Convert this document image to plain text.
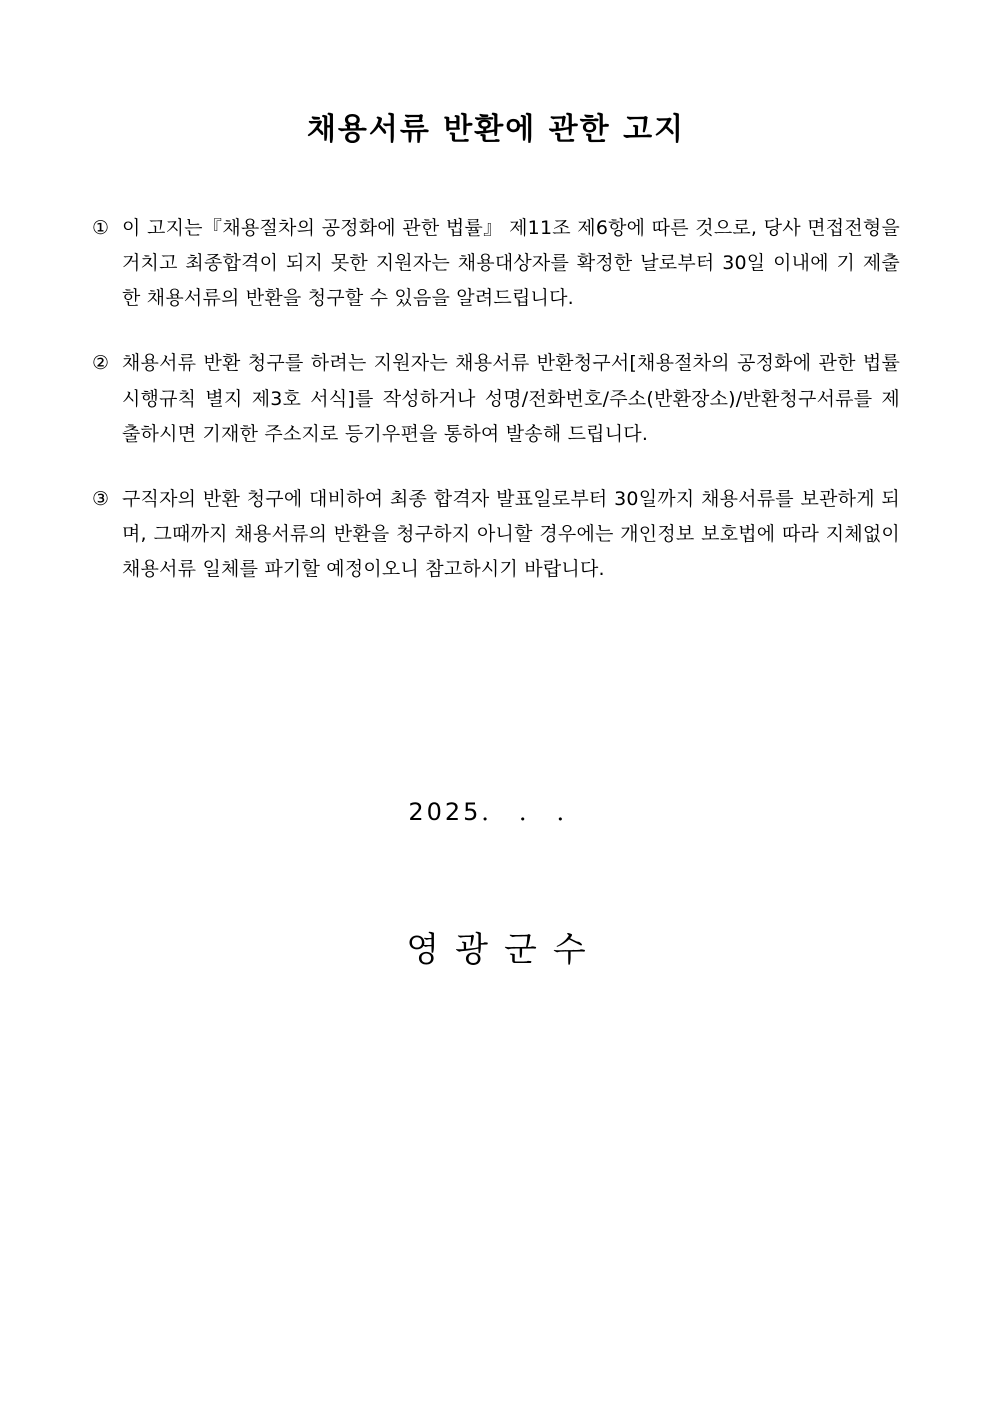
채용서류 반환에 관한 고지
① 이 고지는『채용절차의 공정화에 관한 법률』 제11조 제6항에 따른 것으로, 당사 면접전형을 거치고 최종합격이 되지 못한 지원자는 채용대상자를 확정한 날로부터 30일 이내에 기 제출한 채용서류의 반환을 청구할 수 있음을 알려드립니다.
② 채용서류 반환 청구를 하려는 지원자는 채용서류 반환청구서[채용절차의 공정화에 관한 법률 시행규칙 별지 제3호 서식]를 작성하거나 성명/전화번호/주소(반환장소)/반환청구서류를 제출하시면 기재한 주소지로 등기우편을 통하여 발송해 드립니다.
③ 구직자의 반환 청구에 대비하여 최종 합격자 발표일로부터 30일까지 채용서류를 보관하게 되며, 그때까지 채용서류의 반환을 청구하지 아니할 경우에는 개인정보 보호법에 따라 지체없이 채용서류 일체를 파기할 예정이오니 참고하시기 바랍니다.

2025． ． ．

영광군수
